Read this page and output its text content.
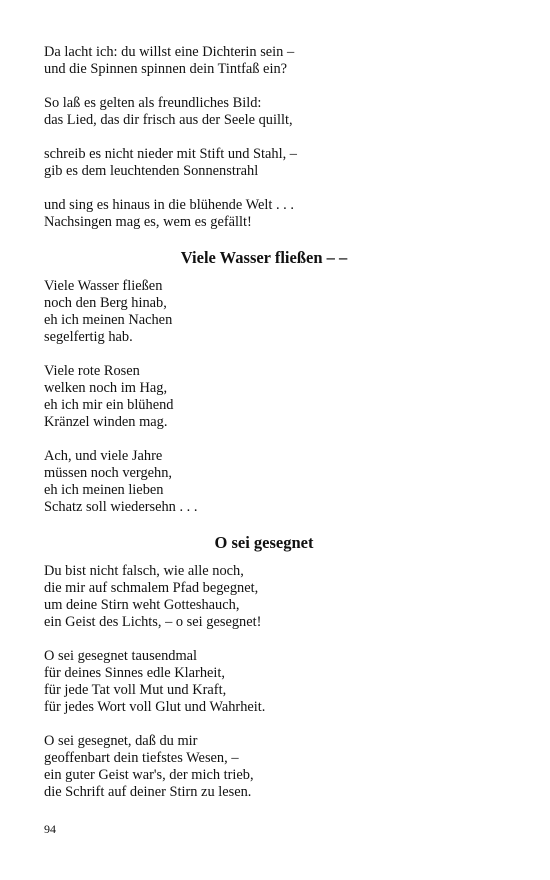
Da lacht ich: du willst eine Dichterin sein –
und die Spinnen spinnen dein Tintfaß ein?
So laß es gelten als freundliches Bild:
das Lied, das dir frisch aus der Seele quillt,
schreib es nicht nieder mit Stift und Stahl, –
gib es dem leuchtenden Sonnenstrahl
und sing es hinaus in die blühende Welt . . .
Nachsingen mag es, wem es gefällt!
Viele Wasser fließen – –
Viele Wasser fließen
noch den Berg hinab,
eh ich meinen Nachen
segelfertig hab.
Viele rote Rosen
welken noch im Hag,
eh ich mir ein blühend
Kränzel winden mag.
Ach, und viele Jahre
müssen noch vergehn,
eh ich meinen lieben
Schatz soll wiedersehn . . .
O sei gesegnet
Du bist nicht falsch, wie alle noch,
die mir auf schmalem Pfad begegnet,
um deine Stirn weht Gotteshauch,
ein Geist des Lichts, – o sei gesegnet!
O sei gesegnet tausendmal
für deines Sinnes edle Klarheit,
für jede Tat voll Mut und Kraft,
für jedes Wort voll Glut und Wahrheit.
O sei gesegnet, daß du mir
geoffenbart dein tiefstes Wesen, –
ein guter Geist war's, der mich trieb,
die Schrift auf deiner Stirn zu lesen.
94
